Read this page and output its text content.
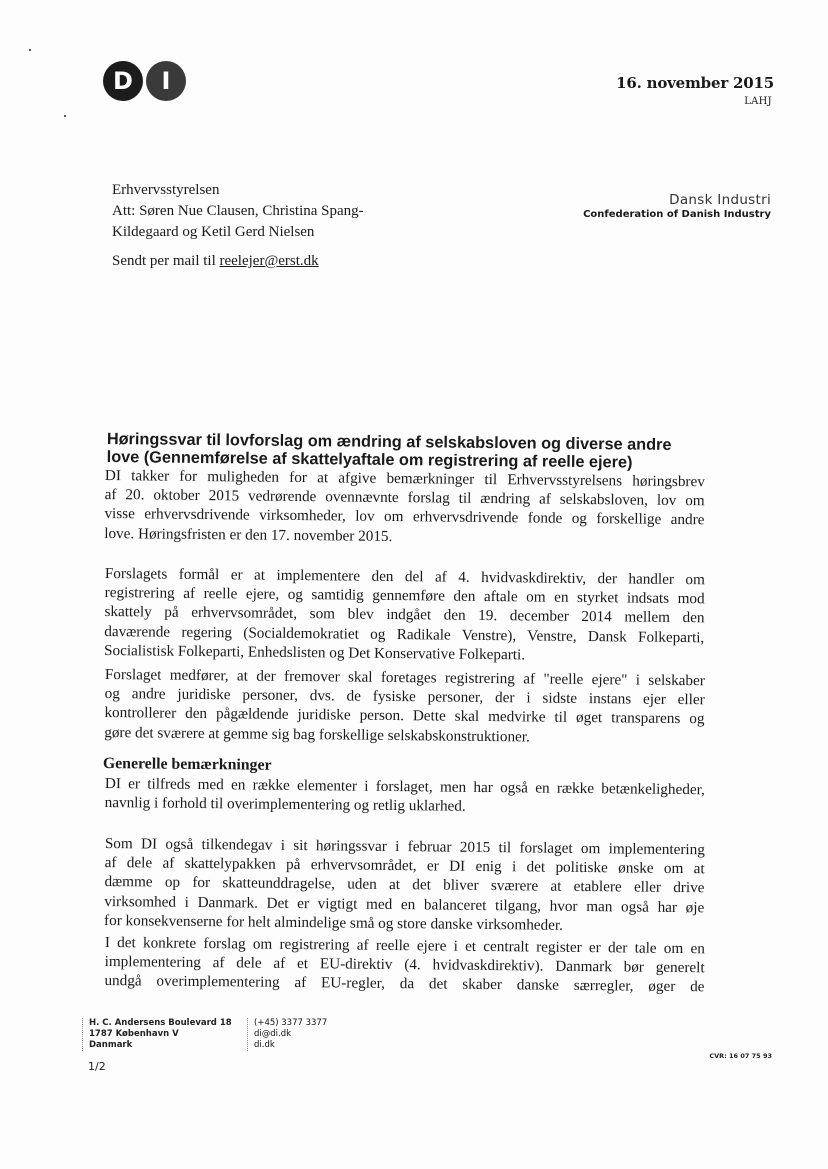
D	I	16. november 2015
LAHJ
Erhvervsstyrelsen
Att: Søren Nue Clausen, Christina Spang-
Kildegaard og Ketil Gerd Nielsen
Sendt per mail til reelejer@erst.dk
Dansk Industri
Confederation of Danish Industry
Høringssvar til lovforslag om ændring af selskabsloven og diverse andre
love (Gennemførelse af skattelyaftale om registrering af reelle ejere)
DI takker for muligheden for at afgive bemærkninger til Erhvervsstyrelsens høringsbrev
af 20. oktober 2015 vedrørende ovennævnte forslag til ændring af selskabsloven, lov om
visse erhvervsdrivende virksomheder, lov om erhvervsdrivende fonde og forskellige andre
love. Høringsfristen er den 17. november 2015.
Forslagets formål er at implementere den del af 4. hvidvaskdirektiv, der handler om
registrering af reelle ejere, og samtidig gennemføre den aftale om en styrket indsats mod
skattely på erhvervsområdet, som blev indgået den 19. december 2014 mellem den
daværende regering (Socialdemokratiet og Radikale Venstre), Venstre, Dansk Folkeparti,
Socialistisk Folkeparti, Enhedslisten og Det Konservative Folkeparti.
Forslaget medfører, at der fremover skal foretages registrering af "reelle ejere" i selskaber
og andre juridiske personer, dvs. de fysiske personer, der i sidste instans ejer eller
kontrollerer den pågældende juridiske person. Dette skal medvirke til øget transparens og
gøre det sværere at gemme sig bag forskellige selskabskonstruktioner.
Generelle bemærkninger
DI er tilfreds med en række elementer i forslaget, men har også en række betænkeligheder,
navnlig i forhold til overimplementering og retlig uklarhed.
Som DI også tilkendegav i sit høringssvar i februar 2015 til forslaget om implementering
af dele af skattelypakken på erhvervsområdet, er DI enig i det politiske ønske om at
dæmme op for skatteunddragelse, uden at det bliver sværere at etablere eller drive
virksomhed i Danmark. Det er vigtigt med en balanceret tilgang, hvor man også har øje
for konsekvenserne for helt almindelige små og store danske virksomheder.
I det konkrete forslag om registrering af reelle ejere i et centralt register er der tale om en
implementering af dele af et EU-direktiv (4. hvidvaskdirektiv). Danmark bør generelt
undgå overimplementering af EU-regler, da det skaber danske særregler, øger de
H. C. Andersens Boulevard 18
1787 København V
Danmark
(+45) 3377 3377
di@di.dk
di.dk
1/2
CVR: 16 07 75 93
